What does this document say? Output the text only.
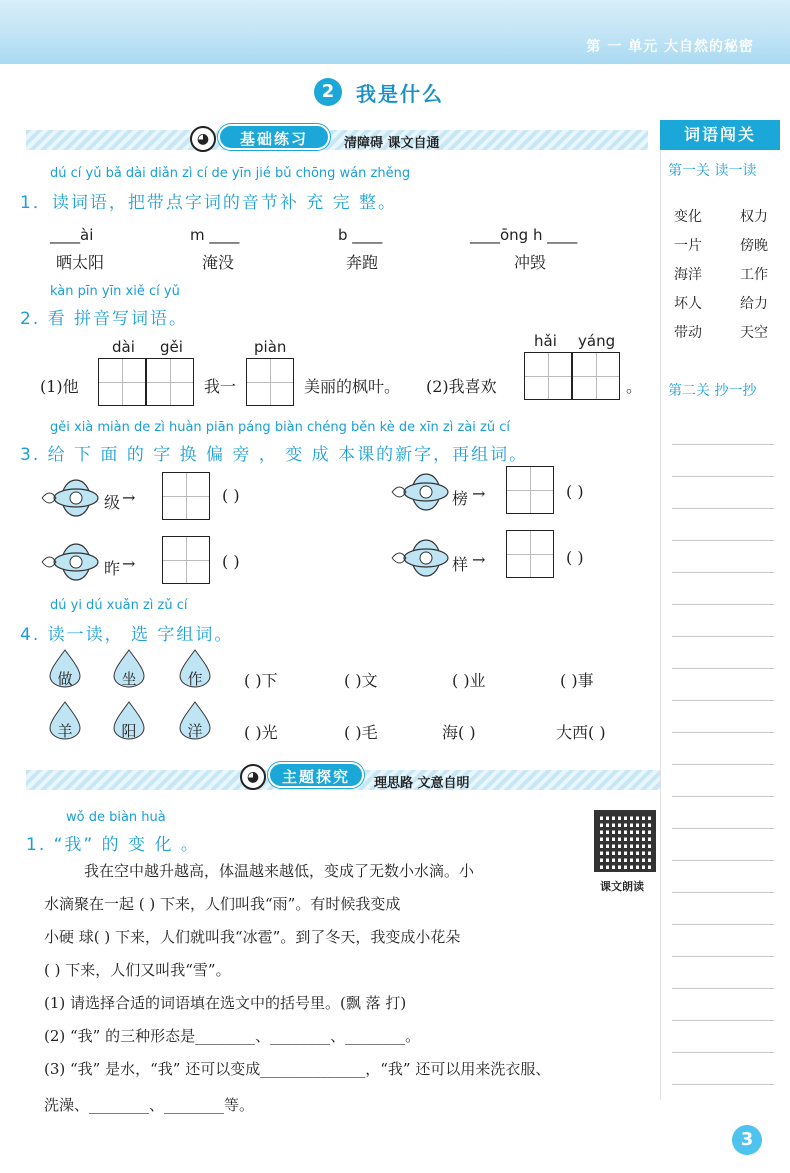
第 一 单元 大自然的秘密
2	我是什么
◕	基础练习	清障碍 课文自通
dú cí yǔ bǎ dài diǎn zì cí de yīn jié bǔ chōng wán zhěng
1．读词语，把带点字词的音节补 充 完 整。
____ài
晒太阳
m ____
淹没
b ____
奔跑
____ōng h ____
冲毁
kàn pīn yīn xiě cí yǔ
2. 看 拼音写词语。
dài gěi
(1)他	我一
piàn
美丽的枫叶。 (2)我喜欢
hǎi yáng
。
gěi xià miàn de zì huàn piān páng biàn chéng běn kè de xīn zì zài zǔ cí
3. 给 下 面 的 字 换 偏 旁 ， 变 成 本课的新字，再组词。
级 →	( )	榜 →	( )
昨 →	( )	样 →	( )
dú yi dú xuǎn zì zǔ cí
4. 读一读， 选 字组词。
做	坐	作	( )下	( )文	( )业	( )事
羊	阳	洋	( )光	( )毛	海( )	大西( )
◕	主题探究	理思路 文意自明
wǒ de biàn huà
1. “我” 的 变 化 。
课文朗读
我在空中越升越高，体温越来越低，变成了无数小水滴。小
水滴聚在一起 ( ) 下来，人们叫我“雨”。有时候我变成
小硬 球( ) 下来，人们就叫我“冰雹”。到了冬天，我变成小花朵
( ) 下来，人们又叫我“雪”。
(1) 请选择合适的词语填在选文中的括号里。(飘 落 打)
(2) “我” 的三种形态是________、________、________。
(3) “我” 是水，“我” 还可以变成______________，“我” 还可以用来洗衣服、
洗澡、________、________等。
词语闯关
第一关 读一读
变化	权力
一片	傍晚
海洋	工作
坏人	给力
带动	天空
第二关 抄一抄
3
